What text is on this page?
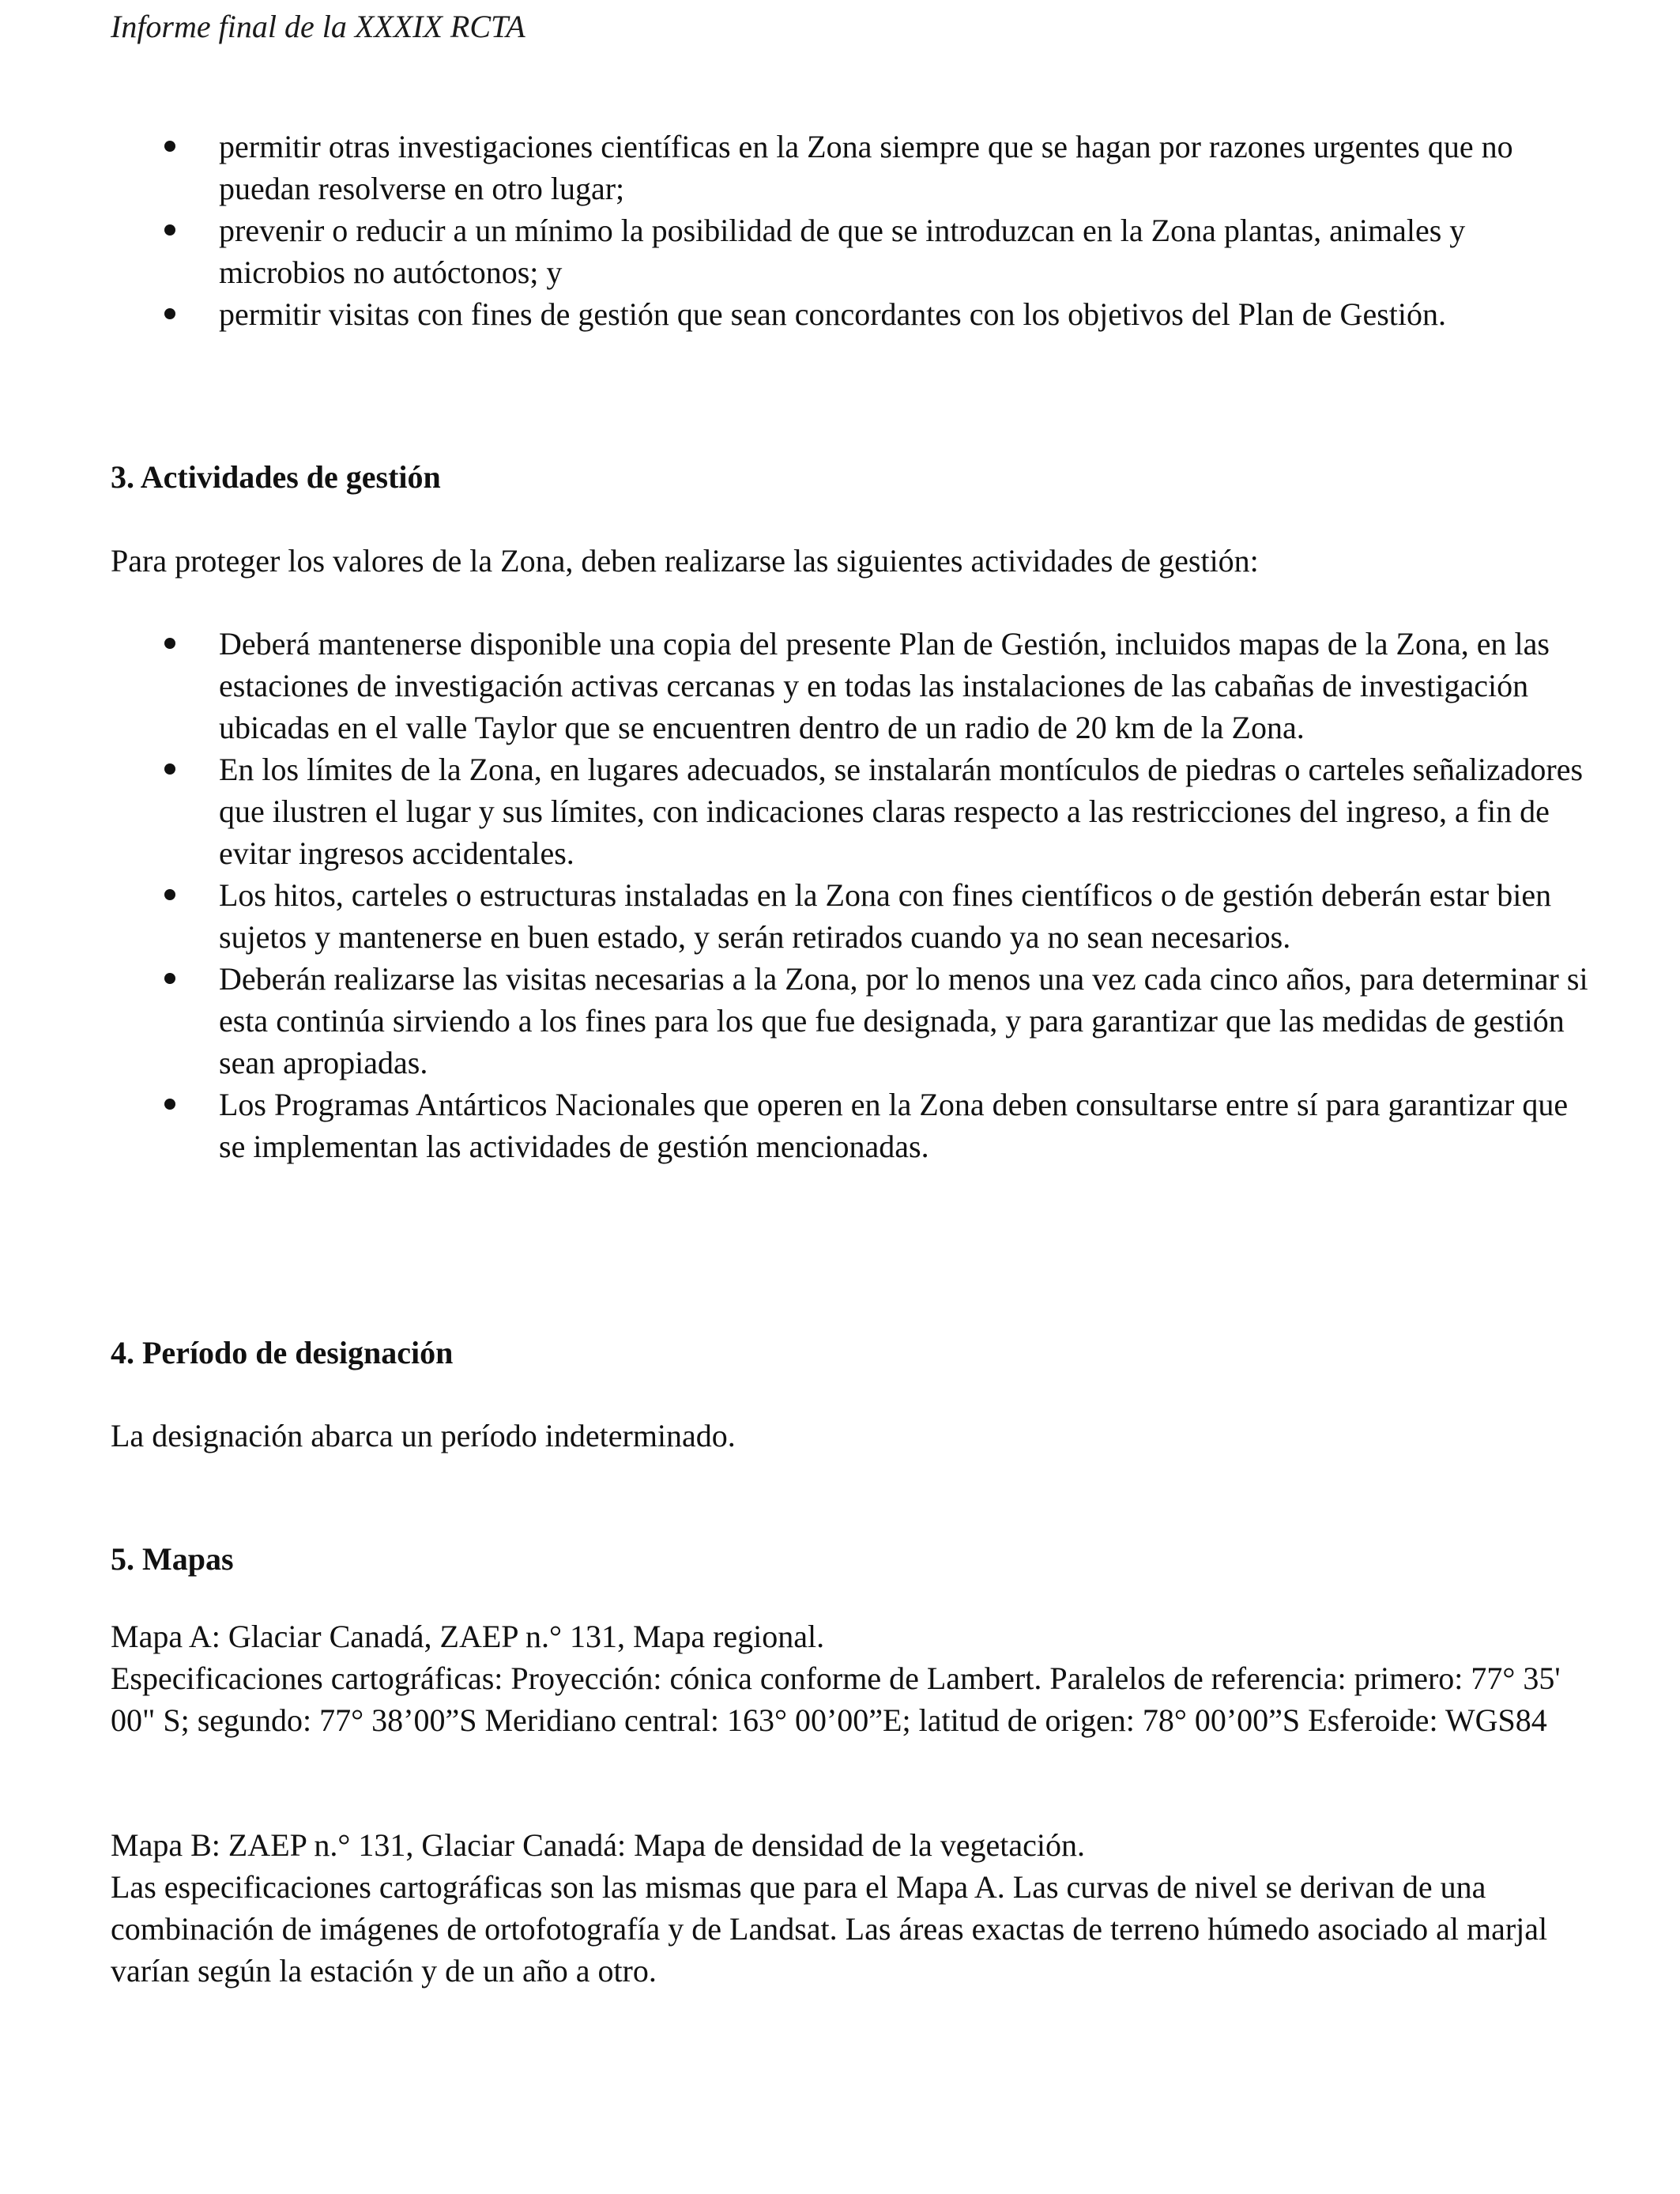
Informe final de la XXXIX RCTA
permitir otras investigaciones científicas en la Zona siempre que se hagan por razones urgentes que no puedan resolverse en otro lugar;
prevenir o reducir a un mínimo la posibilidad de que se introduzcan en la Zona plantas, animales y microbios no autóctonos; y
permitir visitas con fines de gestión que sean concordantes con los objetivos del Plan de Gestión.
3. Actividades de gestión

Para proteger los valores de la Zona, deben realizarse las siguientes actividades de gestión:

Deberá mantenerse disponible una copia del presente Plan de Gestión, incluidos mapas de la Zona, en las estaciones de investigación activas cercanas y en todas las instalaciones de las cabañas de investigación ubicadas en el valle Taylor que se encuentren dentro de un radio de 20 km de la Zona.
En los límites de la Zona, en lugares adecuados, se instalarán montículos de piedras o carteles señalizadores que ilustren el lugar y sus límites, con indicaciones claras respecto a las restricciones del ingreso, a fin de evitar ingresos accidentales.
Los hitos, carteles o estructuras instaladas en la Zona con fines científicos o de gestión deberán estar bien sujetos y mantenerse en buen estado, y serán retirados cuando ya no sean necesarios.
Deberán realizarse las visitas necesarias a la Zona, por lo menos una vez cada cinco años, para determinar si esta continúa sirviendo a los fines para los que fue designada, y para garantizar que las medidas de gestión sean apropiadas.
Los Programas Antárticos Nacionales que operen en la Zona deben consultarse entre sí para garantizar que se implementan las actividades de gestión mencionadas.
4. Período de designación

La designación abarca un período indeterminado.

5. Mapas

Mapa A: Glaciar Canadá, ZAEP n.° 131, Mapa regional.

Especificaciones cartográficas: Proyección: cónica conforme de Lambert. Paralelos de referencia: primero: 77° 35' 00" S; segundo: 77° 38’00”S Meridiano central: 163° 00’00”E; latitud de origen: 78° 00’00”S Esferoide: WGS84

Mapa B: ZAEP n.° 131, Glaciar Canadá: Mapa de densidad de la vegetación.

Las especificaciones cartográficas son las mismas que para el Mapa A. Las curvas de nivel se derivan de una combinación de imágenes de ortofotografía y de Landsat. Las áreas exactas de terreno húmedo asociado al marjal varían según la estación y de un año a otro.
